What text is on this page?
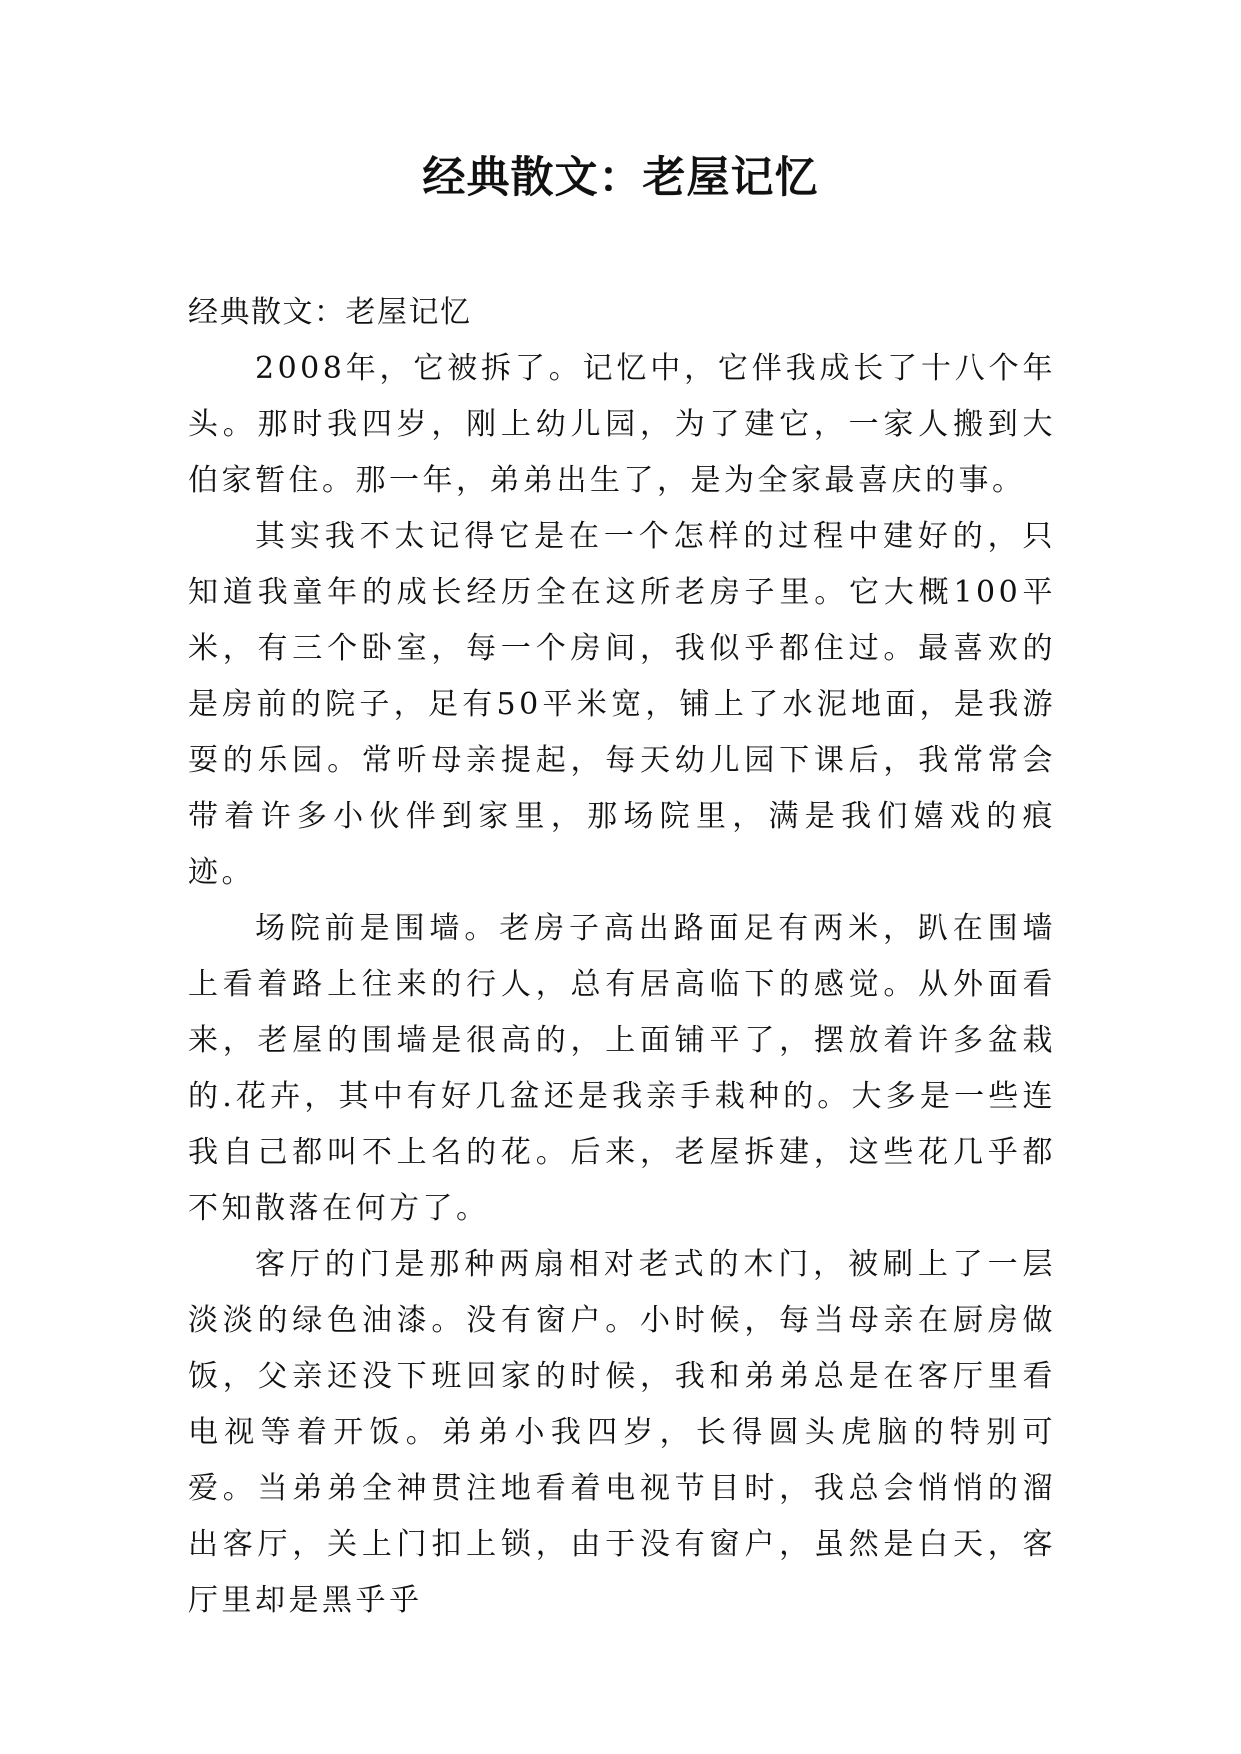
经典散文：老屋记忆

经典散文：老屋记忆

2008年，它被拆了。记忆中，它伴我成长了十八个年头。那时我四岁，刚上幼儿园，为了建它，一家人搬到大伯家暂住。那一年，弟弟出生了，是为全家最喜庆的事。

其实我不太记得它是在一个怎样的过程中建好的，只知道我童年的成长经历全在这所老房子里。它大概100平米，有三个卧室，每一个房间，我似乎都住过。最喜欢的是房前的院子，足有50平米宽，铺上了水泥地面，是我游耍的乐园。常听母亲提起，每天幼儿园下课后，我常常会带着许多小伙伴到家里，那场院里，满是我们嬉戏的痕迹。

场院前是围墙。老房子高出路面足有两米，趴在围墙上看着路上往来的行人，总有居高临下的感觉。从外面看来，老屋的围墙是很高的，上面铺平了，摆放着许多盆栽的.花卉，其中有好几盆还是我亲手栽种的。大多是一些连我自己都叫不上名的花。后来，老屋拆建，这些花几乎都不知散落在何方了。

客厅的门是那种两扇相对老式的木门，被刷上了一层淡淡的绿色油漆。没有窗户。小时候，每当母亲在厨房做饭，父亲还没下班回家的时候，我和弟弟总是在客厅里看电视等着开饭。弟弟小我四岁，长得圆头虎脑的特别可爱。当弟弟全神贯注地看着电视节目时，我总会悄悄的溜出客厅，关上门扣上锁，由于没有窗户，虽然是白天，客厅里却是黑乎乎
